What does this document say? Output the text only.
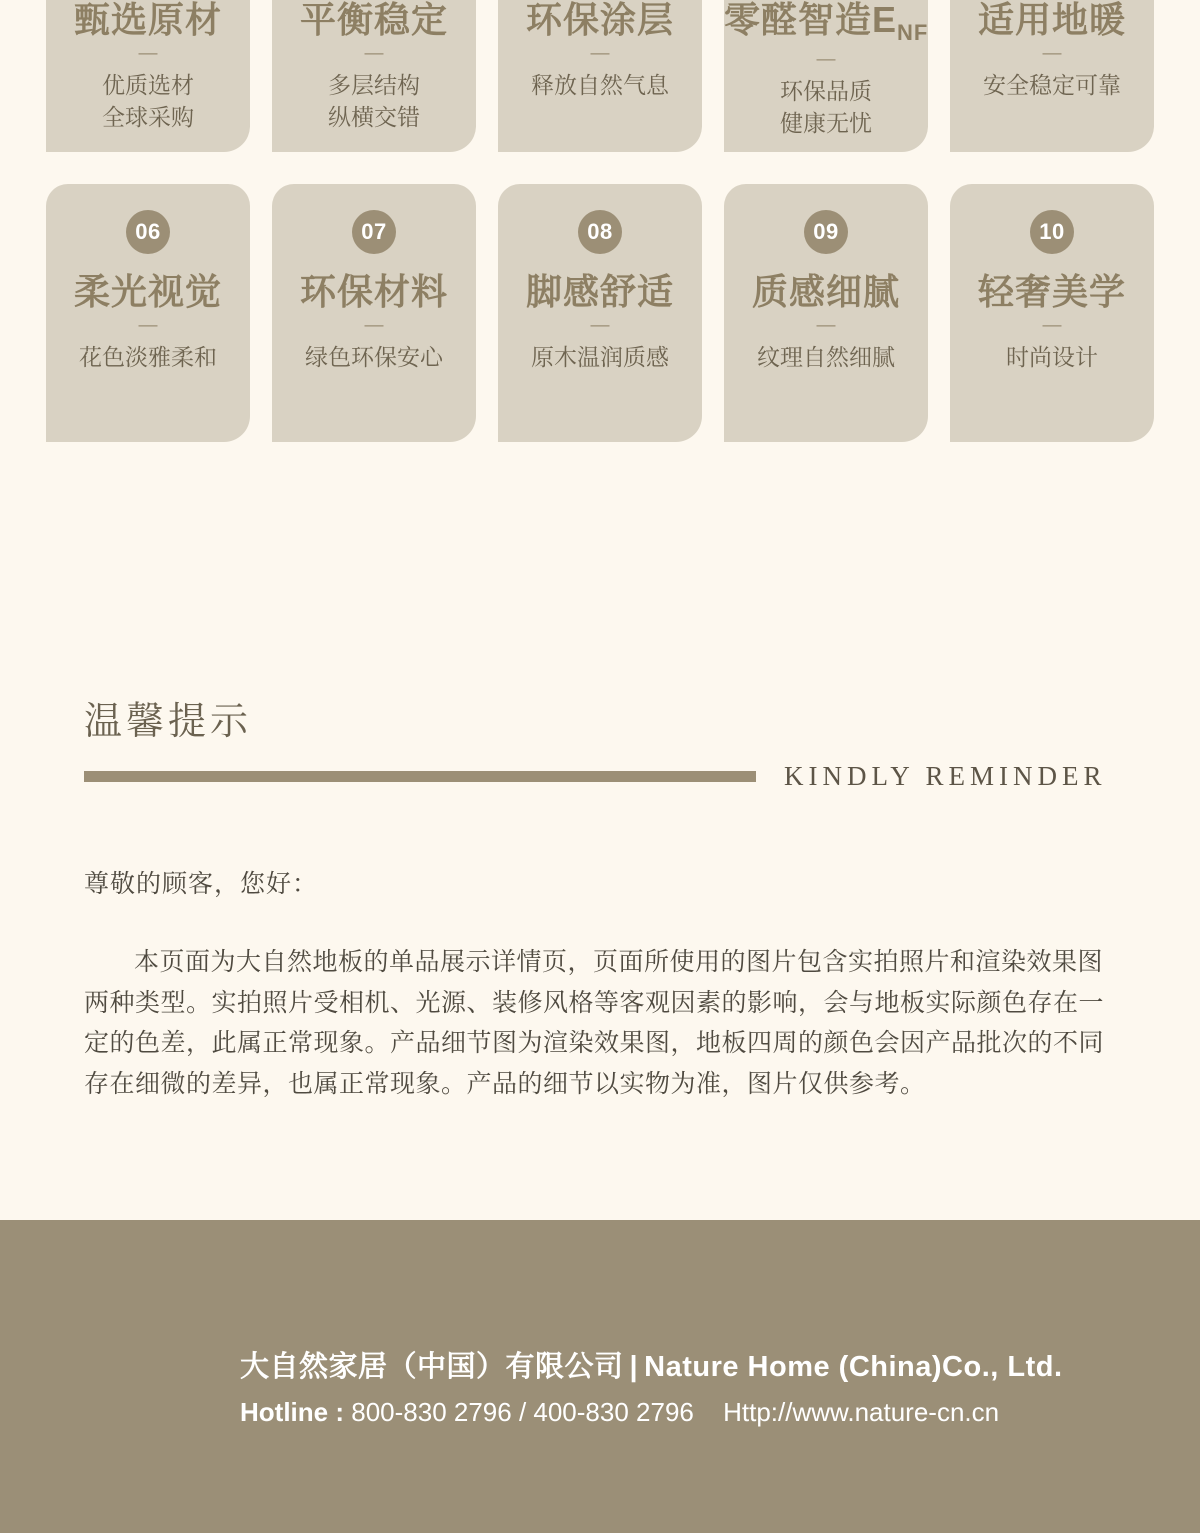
甄选原材
—
优质选材
全球采购
平衡稳定
—
多层结构
纵横交错
环保涂层
—
释放自然气息
零醛智造$E_{NF}$
—
环保品质
健康无忧
适用地暖
—
安全稳定可靠
06
柔光视觉
—
花色淡雅柔和
07
环保材料
—
绿色环保安心
08
脚感舒适
—
原木温润质感
09
质感细腻
—
纹理自然细腻
10
轻奢美学
—
时尚设计
温馨提示
KINDLY REMINDER

尊敬的顾客，您好：

本页面为大自然地板的单品展示详情页，页面所使用的图片包含实拍照片和渲染效果图两种类型。实拍照片受相机、光源、装修风格等客观因素的影响，会与地板实际颜色存在一定的色差，此属正常现象。产品细节图为渲染效果图，地板四周的颜色会因产品批次的不同存在细微的差异，也属正常现象。产品的细节以实物为准，图片仅供参考。

大自然家居（中国）有限公司 | Nature Home (China)Co., Ltd.
Hotline : 800-830 2796 / 400-830 2796 Http://www.nature-cn.cn
